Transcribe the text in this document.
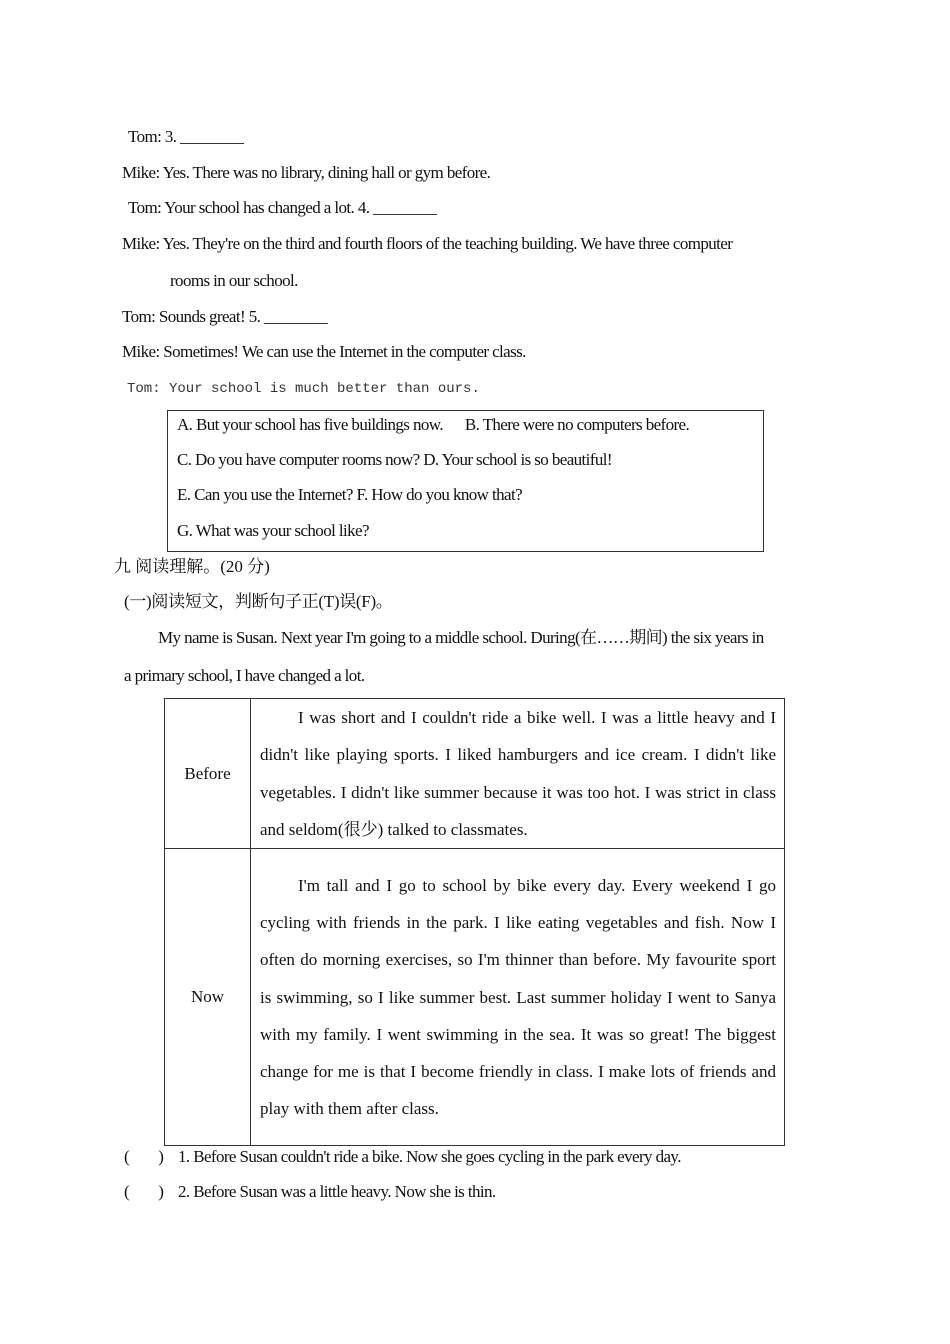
Tom: 3. ________
Mike: Yes. There was no library, dining hall or gym before.
Tom: Your school has changed a lot. 4. ________
Mike: Yes. They're on the third and fourth floors of the teaching building. We have three computer
rooms in our school.
Tom: Sounds great! 5. ________
Mike: Sometimes! We can use the Internet in the computer class.
Tom: Your school is much better than ours.
A. But your school has five buildings now.      B. There were no computers before.
C. Do you have computer rooms now? D. Your school is so beautiful!
E. Can you use the Internet? F. How do you know that?
G. What was your school like?
九 阅读理解。(20 分)
(一)阅读短文，判断句子正(T)误(F)。
My name is Susan. Next year I'm going to a middle school. During(在……期间) the six years in
a primary school, I have changed a lot.
Before	I was short and I couldn't ride a bike well. I was a little heavy and I didn't like playing sports. I liked hamburgers and ice cream. I didn't like vegetables. I didn't like summer because it was too hot. I was strict in class and seldom(很少) talked to classmates.
Now	I'm tall and I go to school by bike every day. Every weekend I go cycling with friends in the park. I like eating vegetables and fish. Now I often do morning exercises, so I'm thinner than before. My favourite sport is swimming, so I like summer best. Last summer holiday I went to Sanya with my family. I went swimming in the sea. It was so great! The biggest change for me is that I become friendly in class. I make lots of friends and play with them after class.
(        ) 1. Before Susan couldn't ride a bike. Now she goes cycling in the park every day.
(        ) 2. Before Susan was a little heavy. Now she is thin.
